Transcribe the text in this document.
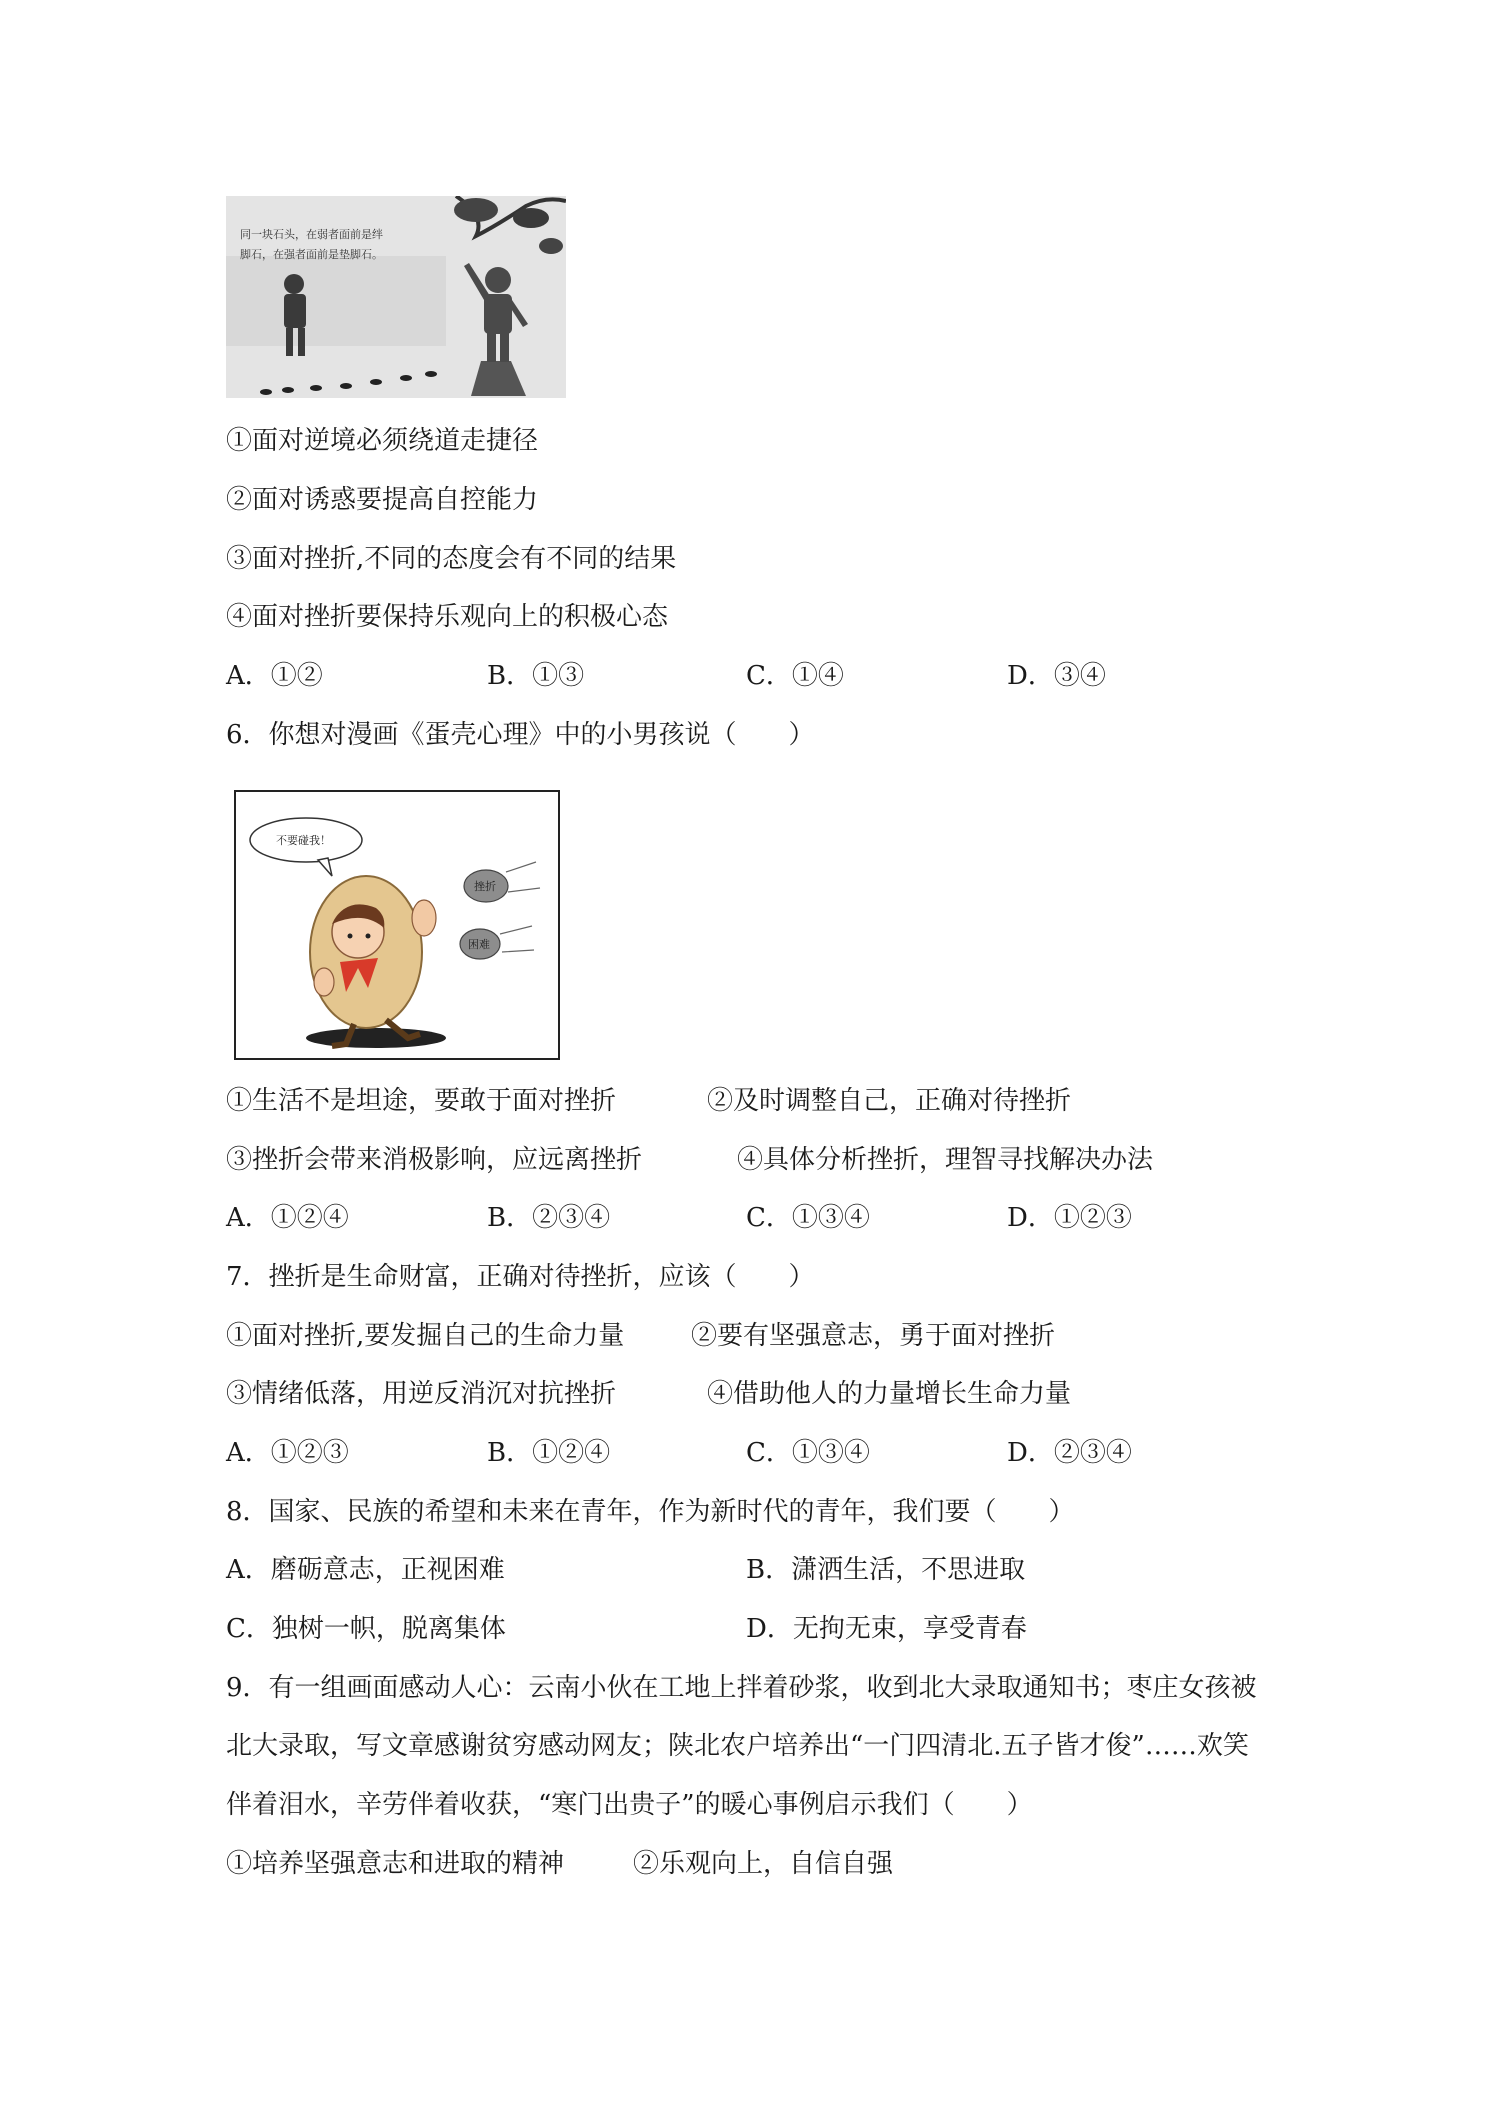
同一块石头，在弱者面前是绊
脚石，在强者面前是垫脚石。
①面对逆境必须绕道走捷径
②面对诱惑要提高自控能力
③面对挫折,不同的态度会有不同的结果
④面对挫折要保持乐观向上的积极心态
A．①②	B．①③	C．①④	D．③④
6．你想对漫画《蛋壳心理》中的小男孩说（　　）
不要碰我！
挫折
困难
①生活不是坦途，要敢于面对挫折	②及时调整自己，正确对待挫折
③挫折会带来消极影响，应远离挫折	④具体分析挫折，理智寻找解决办法
A．①②④	B．②③④	C．①③④	D．①②③
7．挫折是生命财富，正确对待挫折，应该（　　）
①面对挫折,要发掘自己的生命力量	②要有坚强意志，勇于面对挫折
③情绪低落，用逆反消沉对抗挫折	④借助他人的力量增长生命力量
A．①②③	B．①②④	C．①③④	D．②③④
8．国家、民族的希望和未来在青年，作为新时代的青年，我们要（　　）
A．磨砺意志，正视困难	B．潇洒生活，不思进取
C．独树一帜，脱离集体	D．无拘无束，享受青春
9．有一组画面感动人心：云南小伙在工地上拌着砂浆，收到北大录取通知书；枣庄女孩被
北大录取，写文章感谢贫穷感动网友；陕北农户培养出“一门四清北.五子皆才俊”……欢笑
伴着泪水，辛劳伴着收获，“寒门出贵子”的暖心事例启示我们（　　）
①培养坚强意志和进取的精神	②乐观向上，自信自强
